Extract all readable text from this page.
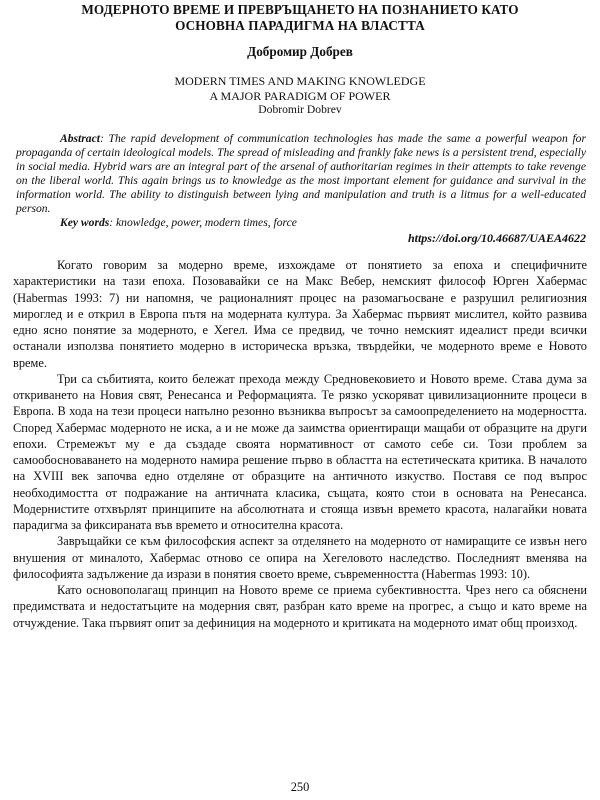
МОДЕРНОТО ВРЕМЕ И ПРЕВРЪЩАНЕТО НА ПОЗНАНИЕТО КАТО
ОСНОВНА ПАРАДИГМА НА ВЛАСТТА
Добромир Добрев
MODERN TIMES AND MAKING KNOWLEDGE
A MAJOR PARADIGM OF POWER
Dobromir Dobrev
Abstract: The rapid development of communication technologies has made the same a powerful weapon for propaganda of certain ideological models. The spread of misleading and frankly fake news is a persistent trend, especially in social media. Hybrid wars are an integral part of the arsenal of authoritarian regimes in their attempts to take revenge on the liberal world. This again brings us to knowledge as the most important element for guidance and survival in the information world. The ability to distinguish between lying and manipulation and truth is a litmus for a well-educated person.
Key words: knowledge, power, modern times, force
https://doi.org/10.46687/UAEA4622

Когато говорим за модерно време, изхождаме от понятието за епоха и специфичните характеристики на тази епоха. Позовавайки се на Макс Вебер, немският философ Юрген Хабермас (Habermas 1993: 7) ни напомня, че рационалният процес на разомагьосване е разрушил религиозния мироглед и е открил в Европа пътя на модерната култура. За Хабермас първият мислител, който развива едно ясно понятие за модерното, е Хегел. Има се предвид, че точно немският идеалист преди всички останали използва понятието модерно в историческа връзка, твърдейки, че модерното време е Новото време.

Три са събитията, които бележат прехода между Средновековието и Новото време. Става дума за откриването на Новия свят, Ренесанса и Реформацията. Те рязко ускоряват цивилизационните процеси в Европа. В хода на тези процеси напълно резонно възниква въпросът за самоопределението на модерността. Според Хабермас модерното не иска, а и не може да заимства ориентиращи мащаби от образците на други епохи. Стремежът му е да създаде своята нормативност от самото себе си. Този проблем за самообосноваването на модерното намира решение първо в областта на естетическата критика. В началото на XVIII век започва едно отделяне от образците на античното изкуство. Поставя се под въпрос необходимостта от подражание на античната класика, същата, която стои в основата на Ренесанса. Модернистите отхвърлят принципите на абсолютната и стояща извън времето красота, налагайки новата парадигма за фиксираната във времето и относителна красота.

Завръщайки се към философския аспект за отделянето на модерното от намиращите се извън него внушения от миналото, Хабермас отново се опира на Хегеловото наследство. Последният вменява на философията задължение да изрази в понятия своето време, съвременността (Habermas 1993: 10).

Като основополагащ принцип на Новото време се приема субективността. Чрез него са обяснени предимствата и недостатъците на модерния свят, разбран като време на прогрес, а също и като време на отчуждение. Така първият опит за дефиниция на модерното и критиката на модерното имат общ произход.

250
